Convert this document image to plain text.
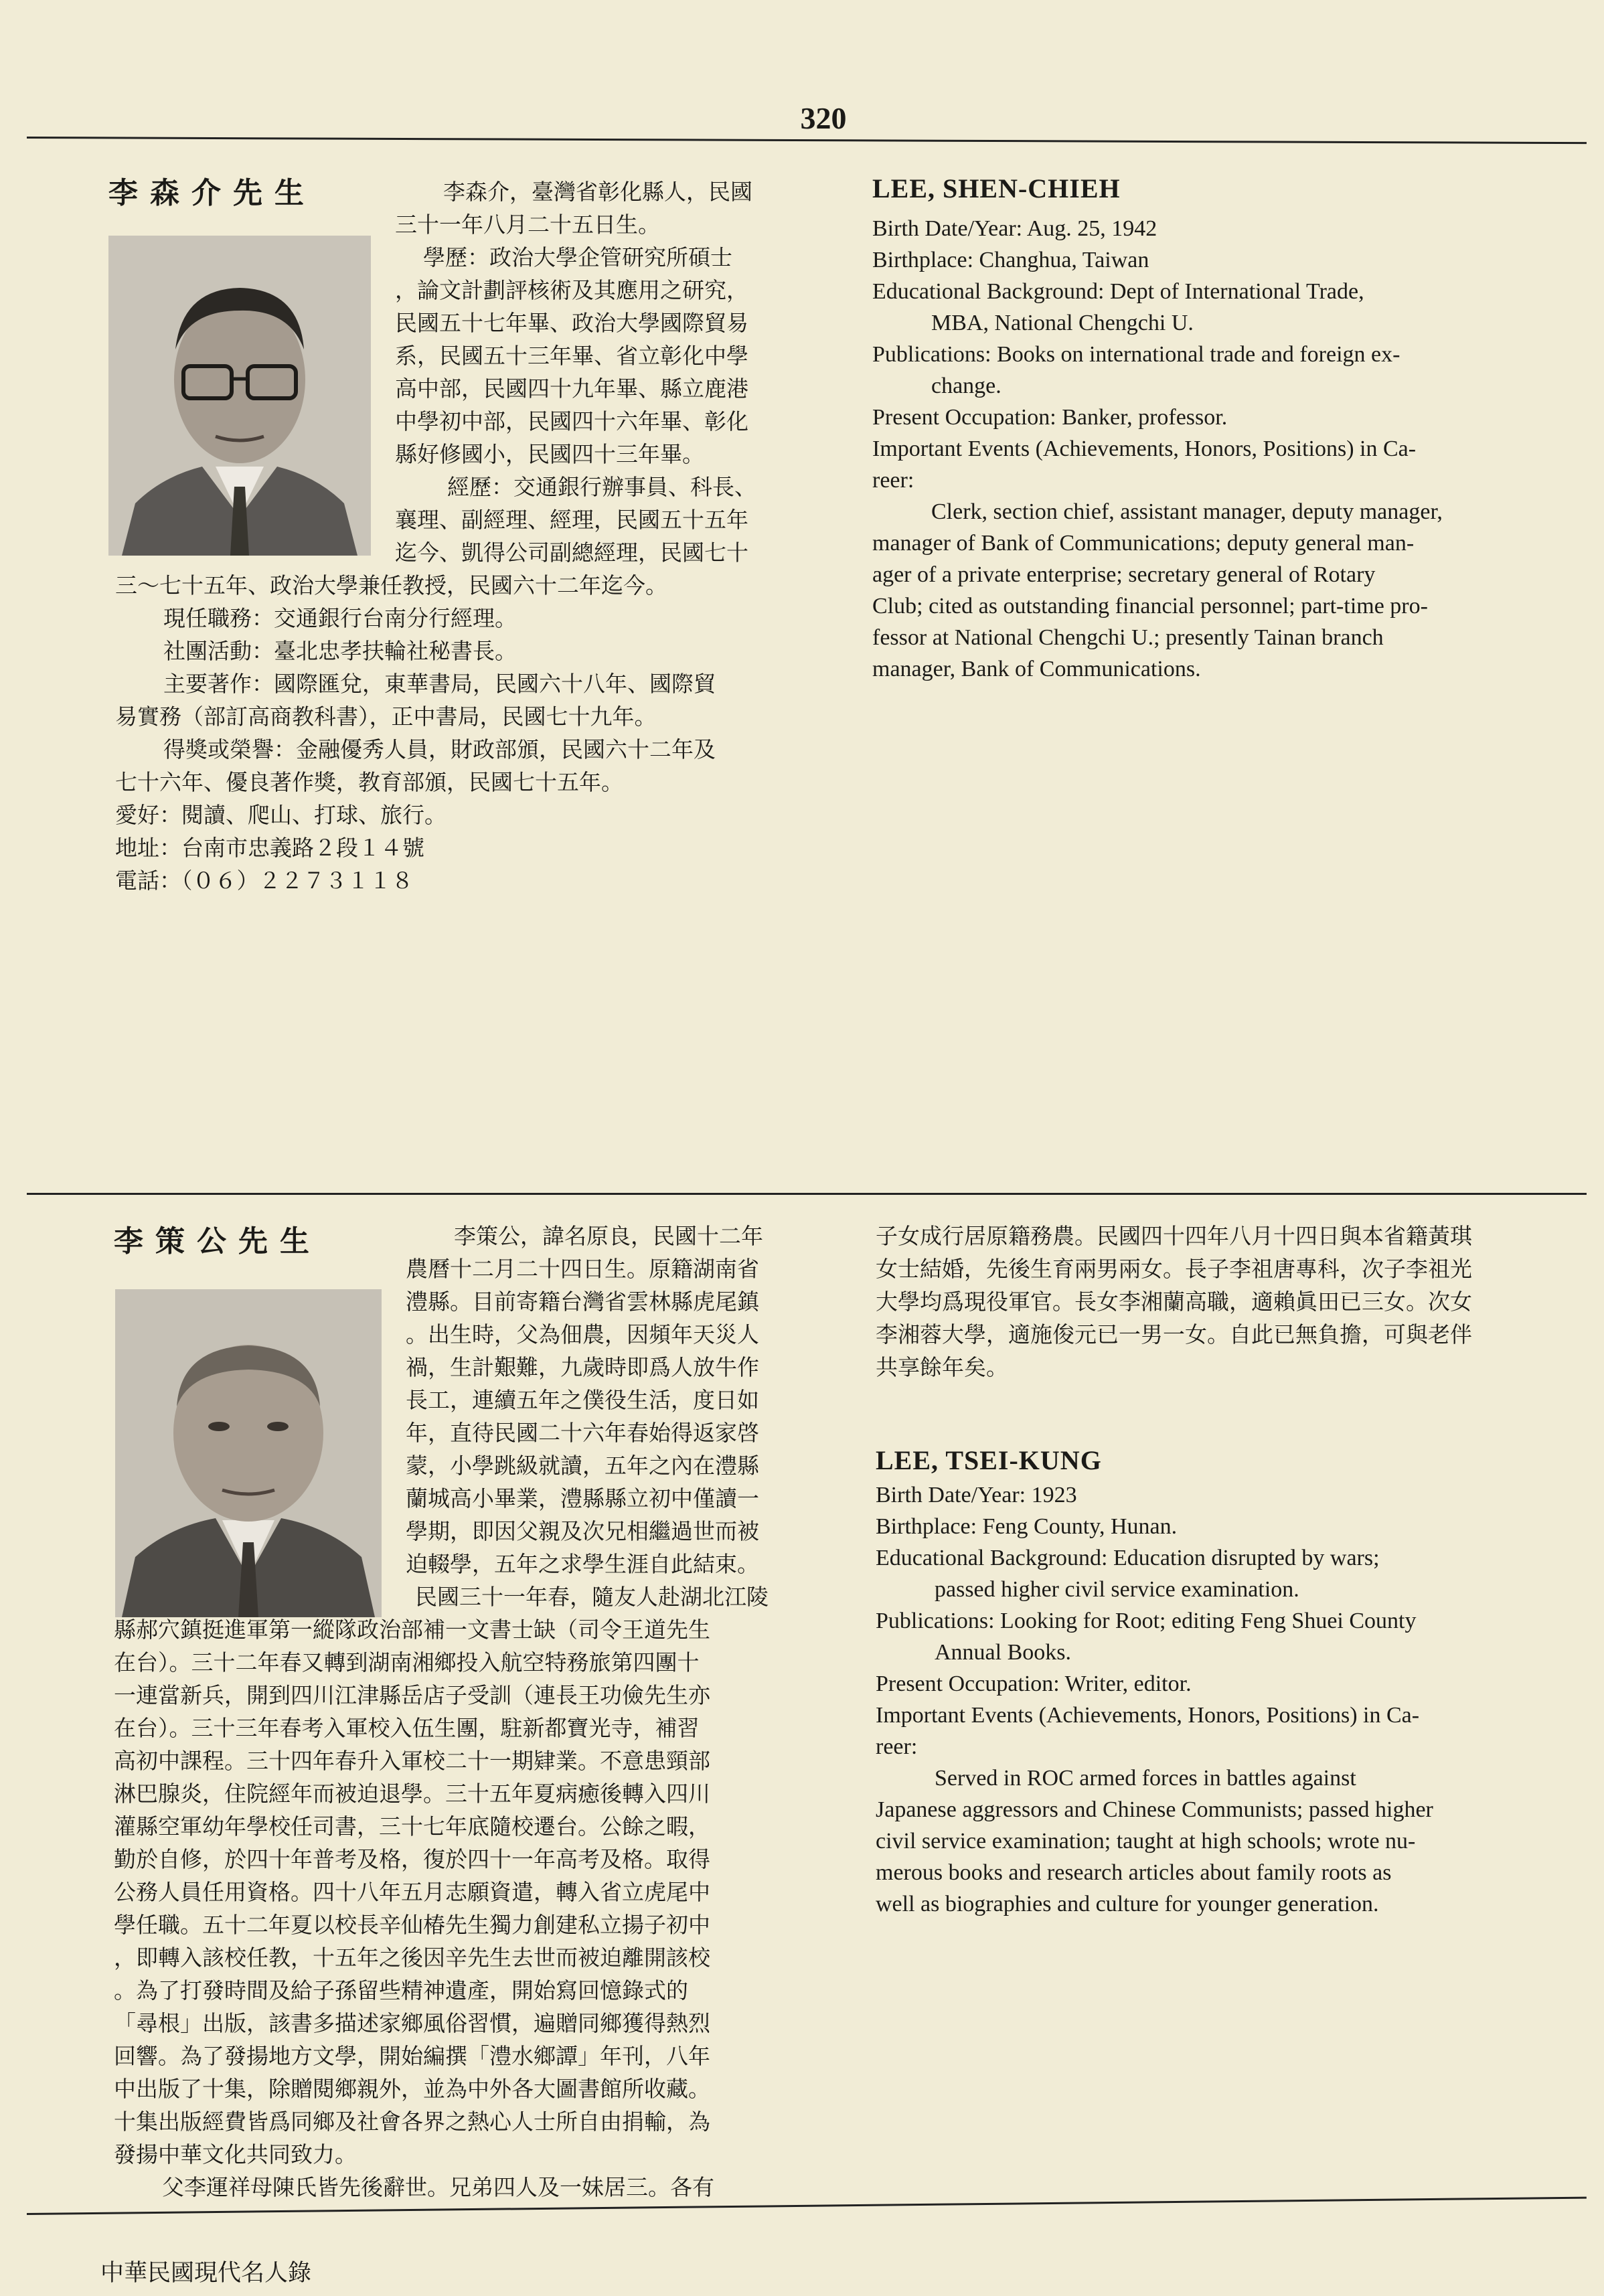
320
李森介先生	李森介，臺灣省彰化縣人，民國

三十一年八月二十五日生。

學歷：政治大學企管研究所碩士

，論文計劃評核術及其應用之研究，

民國五十七年畢、政治大學國際貿易

系，民國五十三年畢、省立彰化中學

高中部，民國四十九年畢、縣立鹿港

中學初中部，民國四十六年畢、彰化

縣好修國小，民國四十三年畢。

經歷：交通銀行辦事員、科長、

襄理、副經理、經理，民國五十五年

迄今、凱得公司副總經理，民國七十

三～七十五年、政治大學兼任教授，民國六十二年迄今。

現任職務：交通銀行台南分行經理。

社團活動：臺北忠孝扶輪社秘書長。

主要著作：國際匯兌，東華書局，民國六十八年、國際貿

易實務（部訂高商教科書），正中書局，民國七十九年。

得獎或榮譽：金融優秀人員，財政部頒，民國六十二年及

七十六年、優良著作獎，教育部頒，民國七十五年。

愛好：閱讀、爬山、打球、旅行。

地址：台南市忠義路２段１４號

電話：（０６）２２７３１１８

LEE, SHEN-CHIEH

Birth Date/Year: Aug. 25, 1942

Birthplace: Changhua, Taiwan

Educational Background: Dept of International Trade,

MBA, National Chengchi U.

Publications: Books on international trade and foreign ex-

change.

Present Occupation: Banker, professor.

Important Events (Achievements, Honors, Positions) in Ca-

reer:

Clerk, section chief, assistant manager, deputy manager,

manager of Bank of Communications; deputy general man-

ager of a private enterprise; secretary general of Rotary

Club; cited as outstanding financial personnel; part-time pro-

fessor at National Chengchi U.; presently Tainan branch

manager, Bank of Communications.

李策公先生	李策公，諱名原良，民國十二年

農曆十二月二十四日生。原籍湖南省

澧縣。目前寄籍台灣省雲林縣虎尾鎮

。出生時，父為佃農，因頻年天災人

禍，生計艱難，九歲時即爲人放牛作

長工，連續五年之僕役生活，度日如

年，直待民國二十六年春始得返家啓

蒙，小學跳級就讀，五年之內在澧縣

蘭城高小畢業，澧縣縣立初中僅讀一

學期，即因父親及次兄相繼過世而被

迫輟學，五年之求學生涯自此結束。

民國三十一年春，隨友人赴湖北江陵

縣郝穴鎮挺進軍第一縱隊政治部補一文書士缺（司令王道先生

在台）。三十二年春又轉到湖南湘鄉投入航空特務旅第四團十

一連當新兵，開到四川江津縣岳店子受訓（連長王功儉先生亦

在台）。三十三年春考入軍校入伍生團，駐新都寶光寺，補習

高初中課程。三十四年春升入軍校二十一期肄業。不意患頸部

淋巴腺炎，住院經年而被迫退學。三十五年夏病癒後轉入四川

灌縣空軍幼年學校任司書，三十七年底隨校遷台。公餘之暇，

勤於自修，於四十年普考及格，復於四十一年高考及格。取得

公務人員任用資格。四十八年五月志願資遣，轉入省立虎尾中

學任職。五十二年夏以校長辛仙椿先生獨力創建私立揚子初中

，即轉入該校任教，十五年之後因辛先生去世而被迫離開該校

。為了打發時間及給子孫留些精神遺產，開始寫回憶錄式的

「尋根」出版，該書多描述家鄉風俗習慣，遍贈同鄉獲得熱烈

回響。為了發揚地方文學，開始編撰「澧水鄉譚」年刊，八年

中出版了十集，除贈閱鄉親外，並為中外各大圖書館所收藏。

十集出版經費皆爲同鄉及社會各界之熱心人士所自由捐輸，為

發揚中華文化共同致力。

父李運祥母陳氏皆先後辭世。兄弟四人及一妹居三。各有

子女成行居原籍務農。民國四十四年八月十四日與本省籍黃琪

女士結婚，先後生育兩男兩女。長子李祖唐專科，次子李祖光

大學均爲現役軍官。長女李湘蘭高職，適賴眞田已三女。次女

李湘蓉大學，適施俊元已一男一女。自此已無負擔，可與老伴

共享餘年矣。

LEE, TSEI-KUNG

Birth Date/Year: 1923

Birthplace: Feng County, Hunan.

Educational Background: Education disrupted by wars;

passed higher civil service examination.

Publications: Looking for Root; editing Feng Shuei County

Annual Books.

Present Occupation: Writer, editor.

Important Events (Achievements, Honors, Positions) in Ca-

reer:

Served in ROC armed forces in battles against

Japanese aggressors and Chinese Communists; passed higher

civil service examination; taught at high schools; wrote nu-

merous books and research articles about family roots as

well as biographies and culture for younger generation.

中華民國現代名人錄
